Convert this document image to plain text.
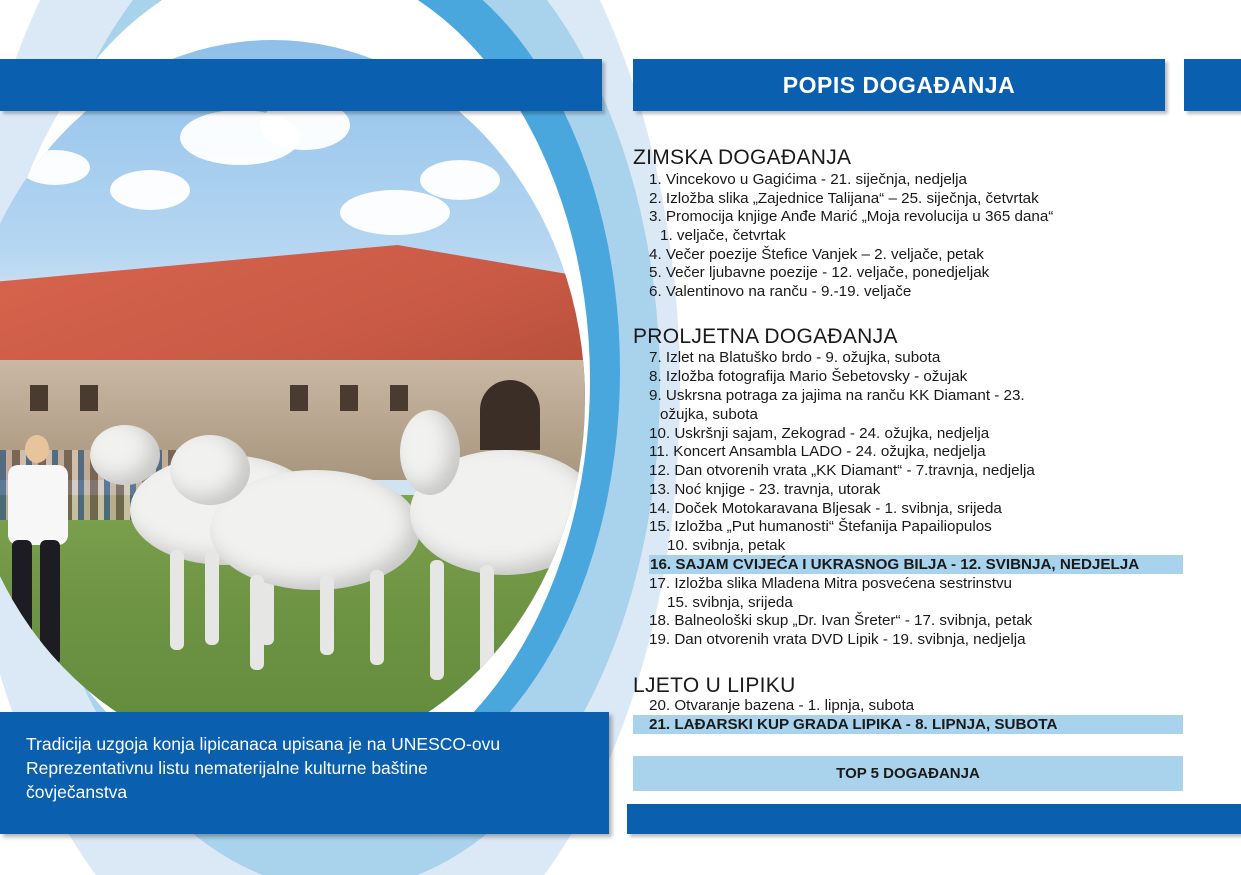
POPIS DOGAĐANJA

Tradicija uzgoja konja lipicanaca upisana je na UNESCO-ovu

Reprezentativnu listu nematerijalne kulturne baštine

čovječanstva

ZIMSKA DOGAĐANJA
1. Vincekovo u Gagićima - 21. siječnja, nedjelja
2. Izložba slika „Zajednice Talijana“ – 25. siječnja, četvrtak
3. Promocija knjige Anđe Marić „Moja revolucija u 365 dana“
1. veljače, četvrtak
4. Večer poezije Štefice Vanjek – 2. veljače, petak
5. Večer ljubavne poezije - 12. veljače, ponedjeljak
6. Valentinovo na ranču - 9.-19. veljače
PROLJETNA DOGAĐANJA
7. Izlet na Blatuško brdo - 9. ožujka, subota
8. Izložba fotografija Mario Šebetovsky - ožujak
9. Uskrsna potraga za jajima na ranču KK Diamant - 23.
ožujka, subota
10. Uskršnji sajam, Zekograd - 24. ožujka, nedjelja
11. Koncert Ansambla LADO - 24. ožujka, nedjelja
12. Dan otvorenih vrata „KK Diamant“ - 7.travnja, nedjelja
13. Noć knjige - 23. travnja, utorak
14. Doček Motokaravana Bljesak - 1. svibnja, srijeda
15. Izložba „Put humanosti“ Štefanija Papailiopulos
10. svibnja, petak
16. SAJAM CVIJEĆA I UKRASNOG BILJA - 12. SVIBNJA, NEDJELJA
17. Izložba slika Mladena Mitra posvećena sestrinstvu
15. svibnja, srijeda
18. Balneološki skup „Dr. Ivan Šreter“ - 17. svibnja, petak
19. Dan otvorenih vrata DVD Lipik - 19. svibnja, nedjelja
LJETO U LIPIKU
20. Otvaranje bazena - 1. lipnja, subota
21. LAĐARSKI KUP GRADA LIPIKA - 8. LIPNJA, SUBOTA
TOP 5 DOGAĐANJA
